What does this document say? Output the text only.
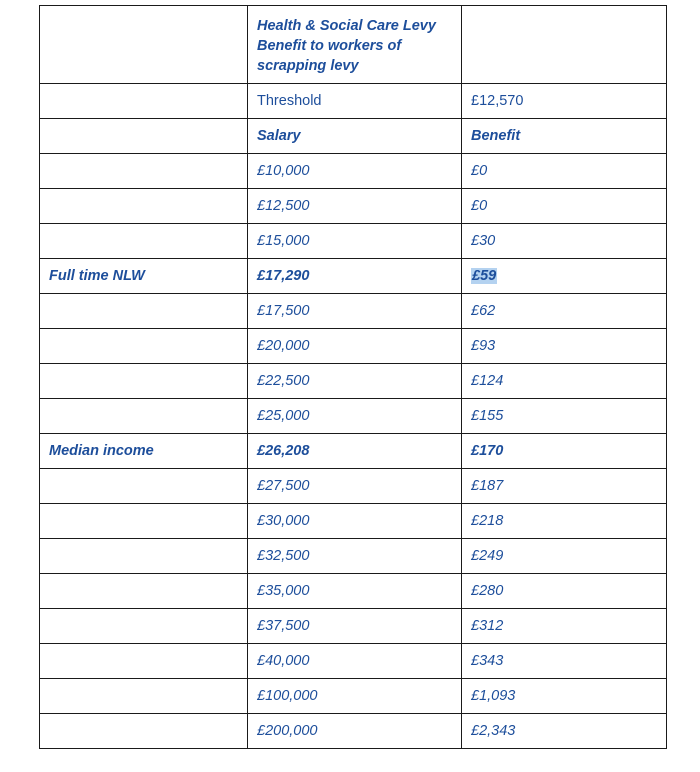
	Health & Social Care Levy Benefit to workers of scrapping levy	
	Threshold	£12,570
	Salary	Benefit
	£10,000	£0
	£12,500	£0
	£15,000	£30
Full time NLW	£17,290	£59
	£17,500	£62
	£20,000	£93
	£22,500	£124
	£25,000	£155
Median income	£26,208	£170
	£27,500	£187
	£30,000	£218
	£32,500	£249
	£35,000	£280
	£37,500	£312
	£40,000	£343
	£100,000	£1,093
	£200,000	£2,343
